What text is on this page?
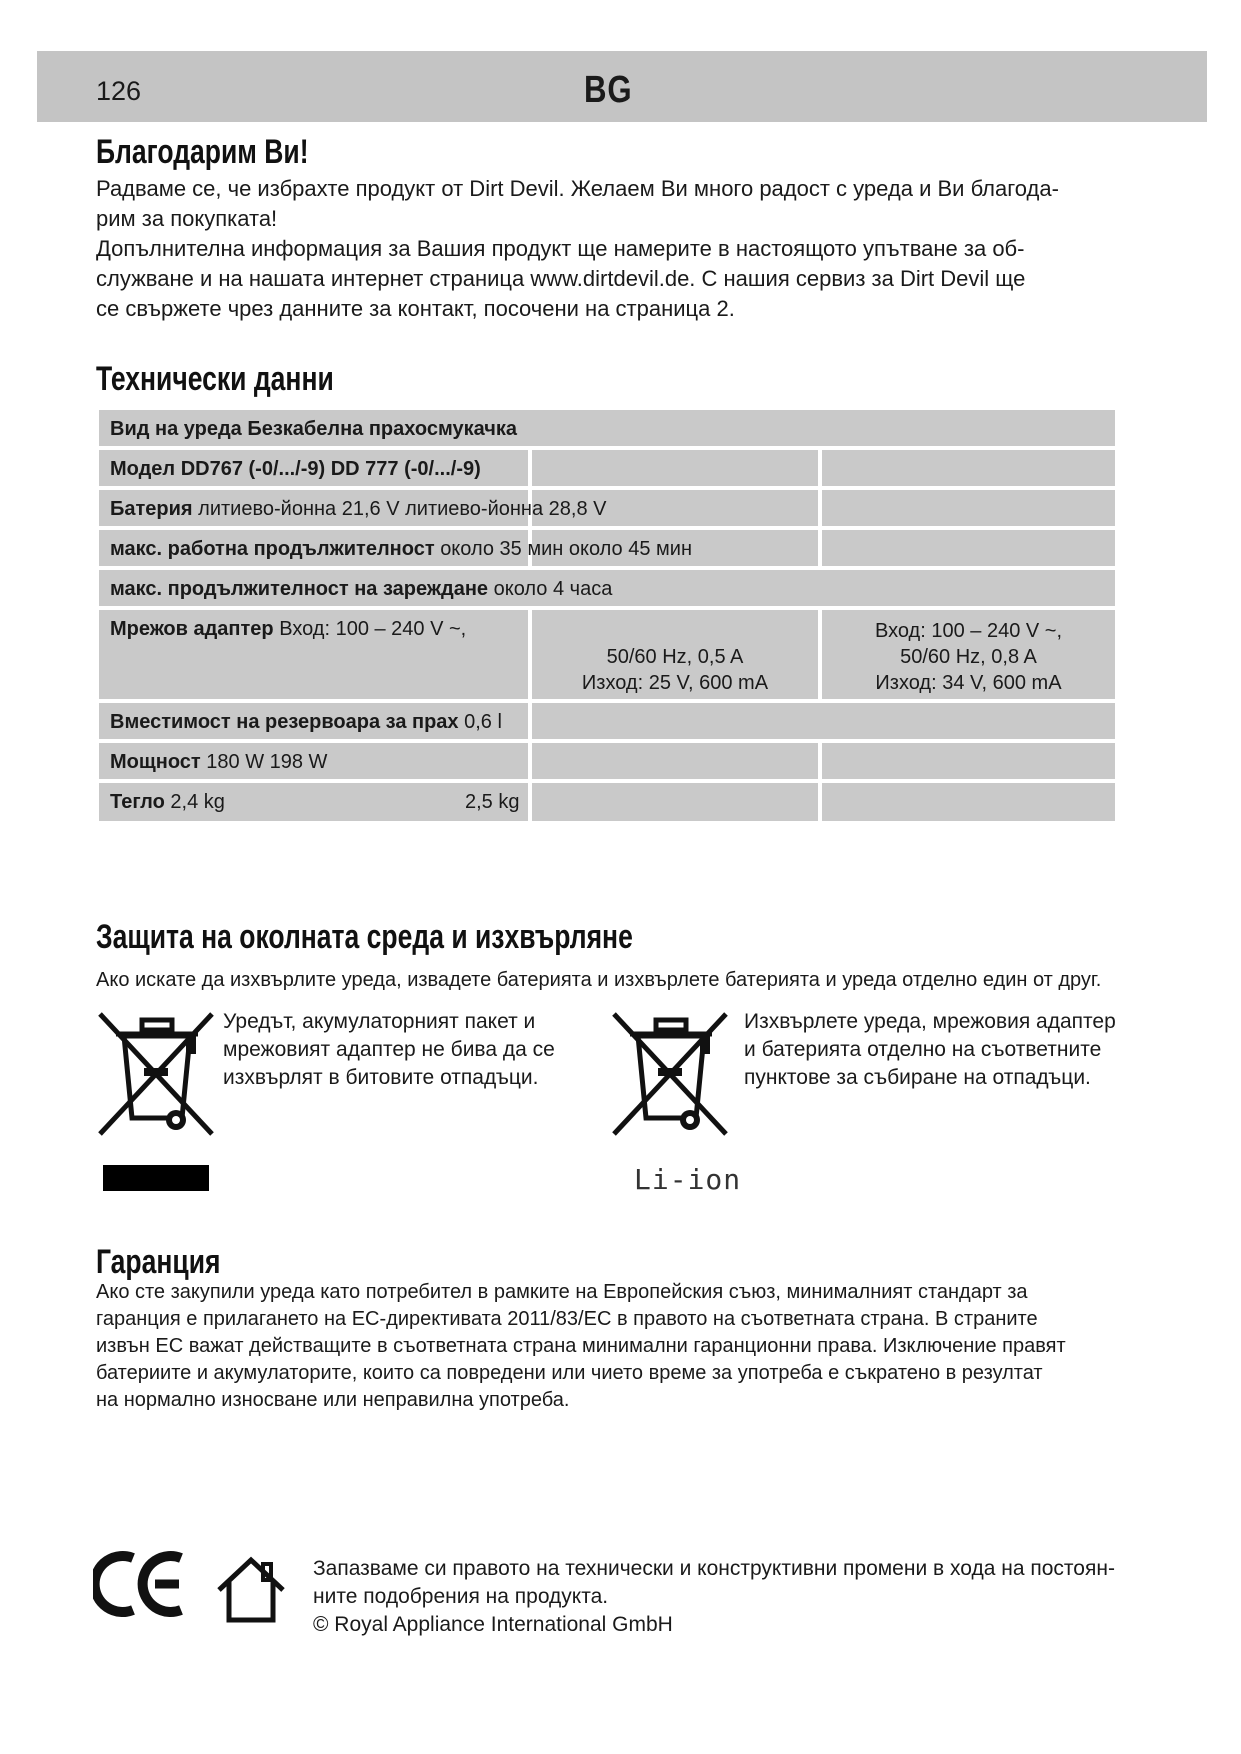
126	BG
Благодарим Ви!
Радваме се, че избрахте продукт от Dirt Devil. Желаем Ви много радост с уреда и Ви благода-
рим за покупката!
Допълнителна информация за Вашия продукт ще намерите в настоящото упътване за об-
служване и на нашата интернет страница www.dirtdevil.de. С нашия сервиз за Dirt Devil ще
се свържете чрез данните за контакт, посочени на страница 2.
Технически данни
Вид на уреда Безкабелна прахосмукачка
Модел DD767 (-0/.../-9) DD 777 (-0/.../-9)
Батерия литиево-йонна 21,6 V литиево-йонна 28,8 V
макс. работна продължителност около 35 мин около 45 мин
макс. продължителност на зареждане около 4 часа
Мрежов адаптер Вход: 100 – 240 V ~,
50/60 Hz, 0,5 A
Изход: 25 V, 600 mA
Вход: 100 – 240 V ~,
50/60 Hz, 0,8 A
Изход: 34 V, 600 mA
Вместимост на резервоара за прах 0,6 l
Мощност 180 W 198 W
Тегло 2,4 kg	2,5 kg
Защита на околната среда и изхвърляне
Ако искате да изхвърлите уреда, извадете батерията и изхвърлете батерията и уреда отделно един от друг.
Уредът, акумулаторният пакет и
мрежовият адаптер не бива да се
изхвърлят в битовите отпадъци.
Изхвърлете уреда, мрежовия адаптер
и батерията отделно на съответните
пунктове за събиране на отпадъци.
Li-ion
Гаранция
Ако сте закупили уреда като потребител в рамките на Европейския съюз, минималният стандарт за
гаранция е прилагането на ЕС-директивата 2011/83/ЕС в правото на съответната страна. В страните
извън ЕС важат действащите в съответната страна минимални гаранционни права. Изключение правят
батериите и акумулаторите, които са повредени или чието време за употреба е съкратено в резултат
на нормално износване или неправилна употреба.
Запазваме си правото на технически и конструктивни промени в хода на постоян-
ните подобрения на продукта.
© Royal Appliance International GmbH
